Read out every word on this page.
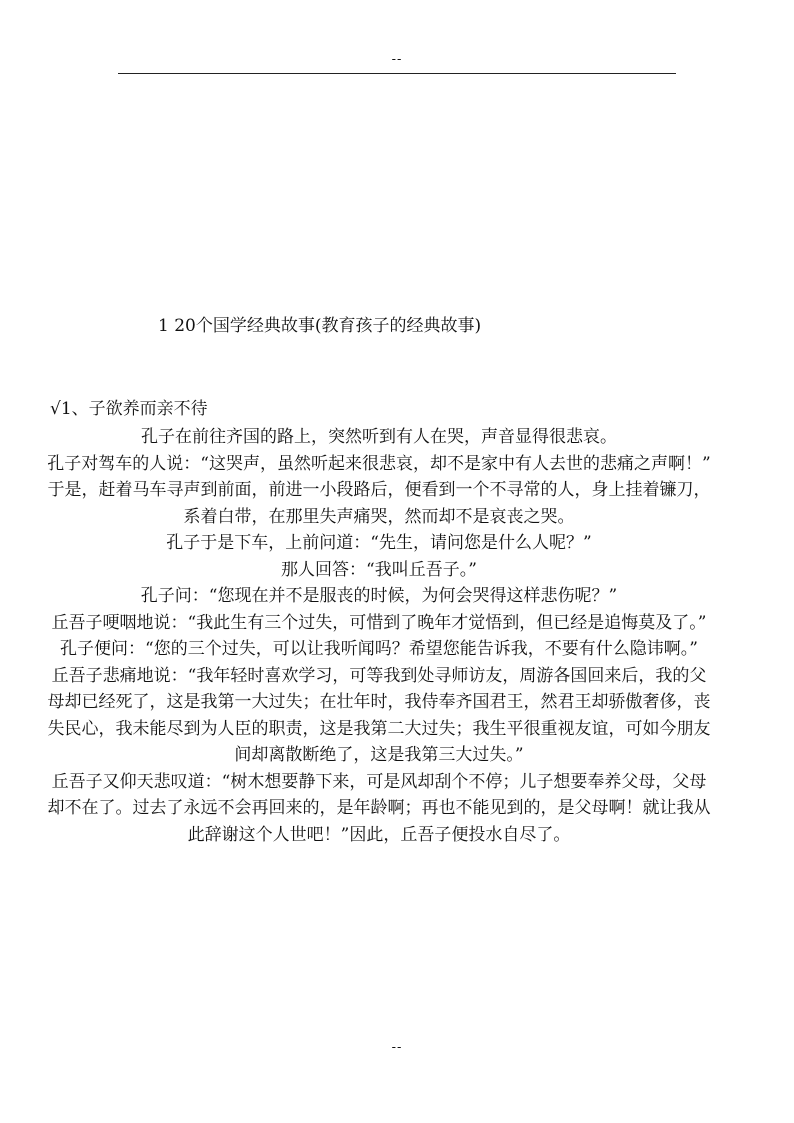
--
1 20个国学经典故事(教育孩子的经典故事)
√1、子欲养而亲不待

孔子在前往齐国的路上，突然听到有人在哭，声音显得很悲哀。

孔子对驾车的人说：“这哭声，虽然听起来很悲哀，却不是家中有人去世的悲痛之声啊！”

于是，赶着马车寻声到前面，前进一小段路后，便看到一个不寻常的人，身上挂着镰刀，系着白带，在那里失声痛哭，然而却不是哀丧之哭。

孔子于是下车，上前问道：“先生，请问您是什么人呢？”

那人回答：“我叫丘吾子。”

孔子问：“您现在并不是服丧的时候，为何会哭得这样悲伤呢？”

丘吾子哽咽地说：“我此生有三个过失，可惜到了晚年才觉悟到，但已经是追悔莫及了。”

孔子便问：“您的三个过失，可以让我听闻吗？希望您能告诉我，不要有什么隐讳啊。”

丘吾子悲痛地说：“我年轻时喜欢学习，可等我到处寻师访友，周游各国回来后，我的父母却已经死了，这是我第一大过失；在壮年时，我侍奉齐国君王，然君王却骄傲奢侈，丧失民心，我未能尽到为人臣的职责，这是我第二大过失；我生平很重视友谊，可如今朋友间却离散断绝了，这是我第三大过失。”

丘吾子又仰天悲叹道：“树木想要静下来，可是风却刮个不停；儿子想要奉养父母，父母却不在了。过去了永远不会再回来的，是年龄啊；再也不能见到的，是父母啊！就让我从此辞谢这个人世吧！”因此，丘吾子便投水自尽了。

--
